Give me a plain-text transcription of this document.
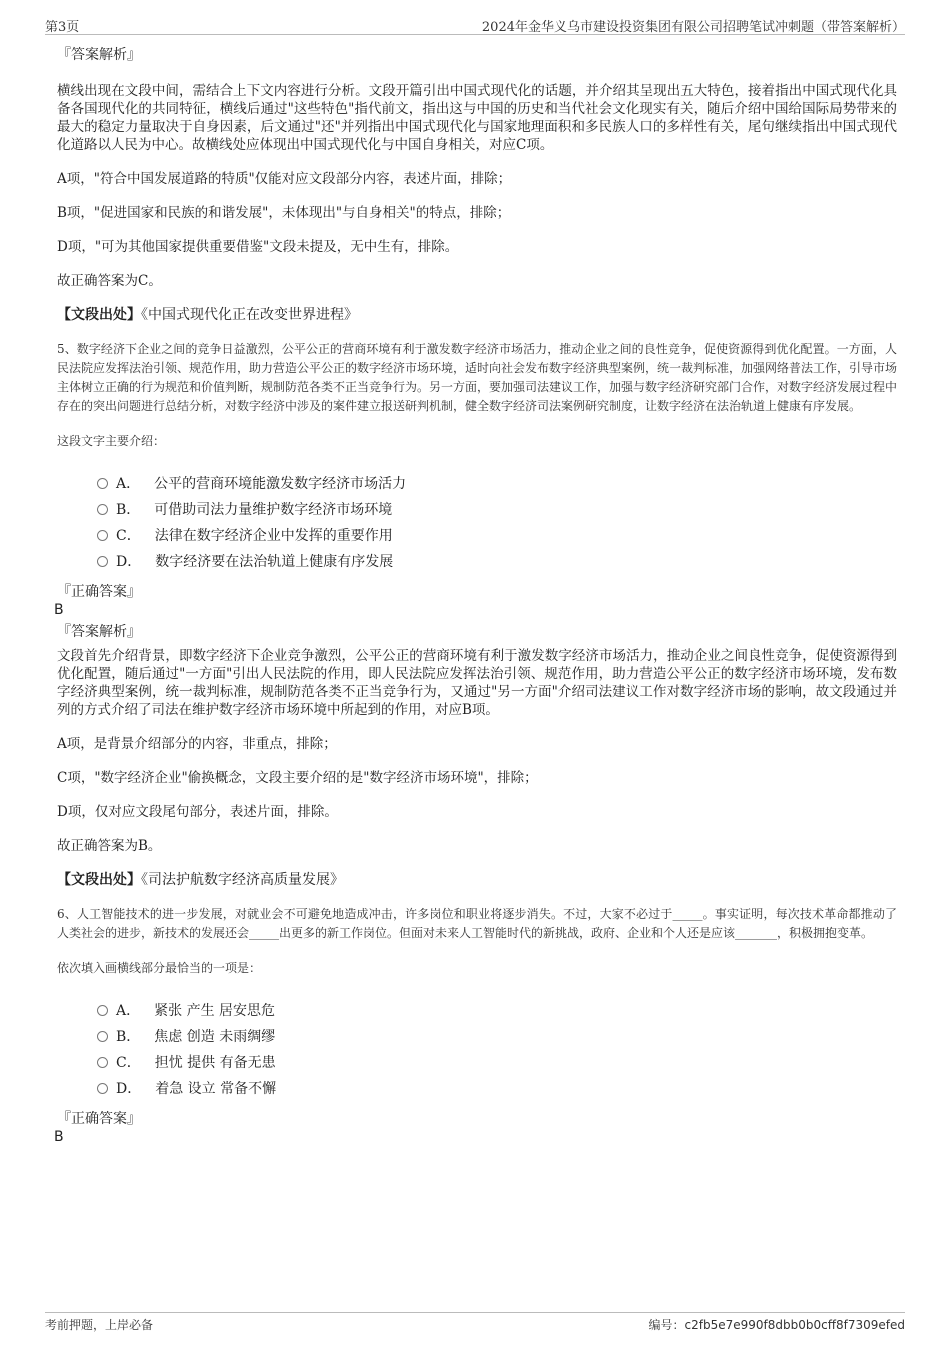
第3页	2024年金华义乌市建设投资集团有限公司招聘笔试冲刺题（带答案解析）
『答案解析』
横线出现在文段中间，需结合上下文内容进行分析。文段开篇引出中国式现代化的话题，并介绍其呈现出五大特色，接着指出中国式现代化具备各国现代化的共同特征，横线后通过"这些特色"指代前文，指出这与中国的历史和当代社会文化现实有关，随后介绍中国给国际局势带来的最大的稳定力量取决于自身因素，后文通过"还"并列指出中国式现代化与国家地理面积和多民族人口的多样性有关，尾句继续指出中国式现代化道路以人民为中心。故横线处应体现出中国式现代化与中国自身相关，对应C项。
A项，"符合中国发展道路的特质"仅能对应文段部分内容，表述片面，排除；
B项，"促进国家和民族的和谐发展"，未体现出"与自身相关"的特点，排除；
D项，"可为其他国家提供重要借鉴"文段未提及，无中生有，排除。
故正确答案为C。
【文段出处】《中国式现代化正在改变世界进程》
5、数字经济下企业之间的竞争日益激烈，公平公正的营商环境有利于激发数字经济市场活力，推动企业之间的良性竞争，促使资源得到优化配置。一方面，人民法院应发挥法治引领、规范作用，助力营造公平公正的数字经济市场环境，适时向社会发布数字经济典型案例，统一裁判标准，加强网络普法工作，引导市场主体树立正确的行为规范和价值判断，规制防范各类不正当竞争行为。另一方面，要加强司法建议工作，加强与数字经济研究部门合作，对数字经济发展过程中存在的突出问题进行总结分析，对数字经济中涉及的案件建立报送研判机制，健全数字经济司法案例研究制度，让数字经济在法治轨道上健康有序发展。
这段文字主要介绍：
A． 公平的营商环境能激发数字经济市场活力
B． 可借助司法力量维护数字经济市场环境
C． 法律在数字经济企业中发挥的重要作用
D． 数字经济要在法治轨道上健康有序发展
『正确答案』
B
『答案解析』
文段首先介绍背景，即数字经济下企业竞争激烈，公平公正的营商环境有利于激发数字经济市场活力，推动企业之间良性竞争，促使资源得到优化配置，随后通过"一方面"引出人民法院的作用，即人民法院应发挥法治引领、规范作用，助力营造公平公正的数字经济市场环境，发布数字经济典型案例，统一裁判标准，规制防范各类不正当竞争行为，又通过"另一方面"介绍司法建议工作对数字经济市场的影响，故文段通过并列的方式介绍了司法在维护数字经济市场环境中所起到的作用，对应B项。
A项，是背景介绍部分的内容，非重点，排除；
C项，"数字经济企业"偷换概念，文段主要介绍的是"数字经济市场环境"，排除；
D项，仅对应文段尾句部分，表述片面，排除。
故正确答案为B。
【文段出处】《司法护航数字经济高质量发展》
6、人工智能技术的进一步发展，对就业会不可避免地造成冲击，许多岗位和职业将逐步消失。不过，大家不必过于_____。事实证明，每次技术革命都推动了人类社会的进步，新技术的发展还会_____出更多的新工作岗位。但面对未来人工智能时代的新挑战，政府、企业和个人还是应该_______，积极拥抱变革。
依次填入画横线部分最恰当的一项是：
A． 紧张 产生 居安思危
B． 焦虑 创造 未雨绸缪
C． 担忧 提供 有备无患
D． 着急 设立 常备不懈
『正确答案』
B
考前押题，上岸必备	编号：c2fb5e7e990f8dbb0b0cff8f7309efed
